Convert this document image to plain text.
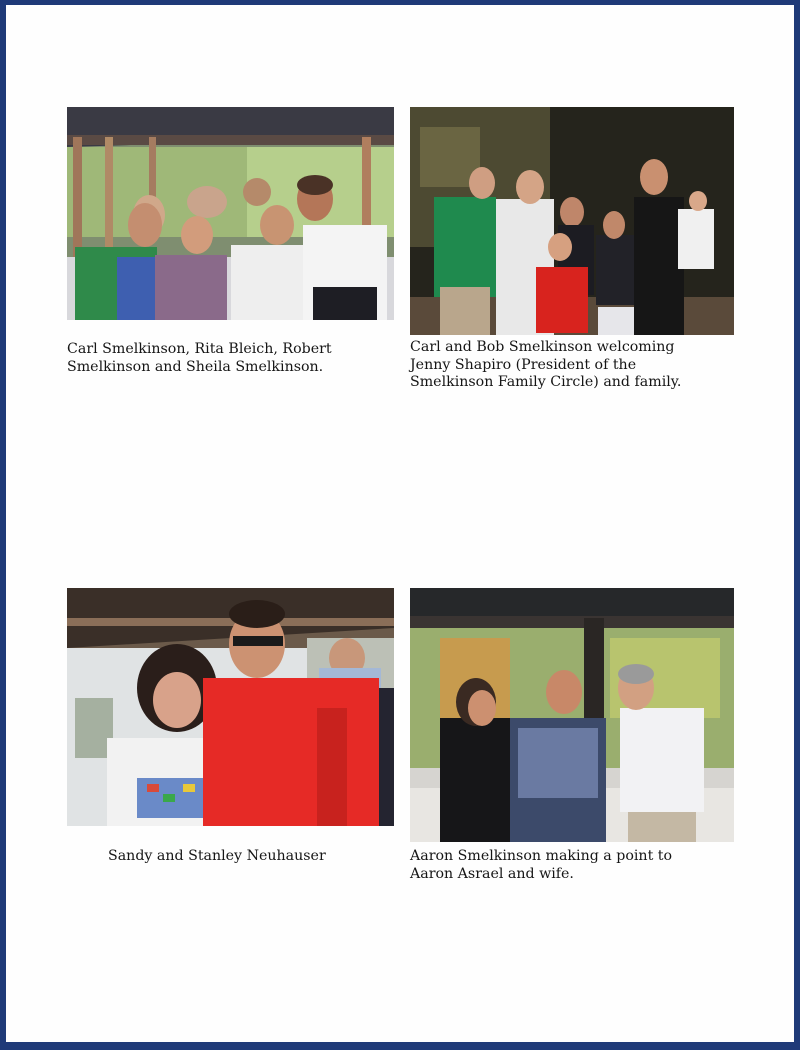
Carl Smelkinson, Rita Bleich, Robert
Smelkinson and Sheila Smelkinson.

Carl and Bob Smelkinson welcoming
Jenny Shapiro (President of the
Smelkinson Family Circle) and family.

Sandy and Stanley Neuhauser	Aaron Smelkinson making a point to
Aaron Asrael and wife.
